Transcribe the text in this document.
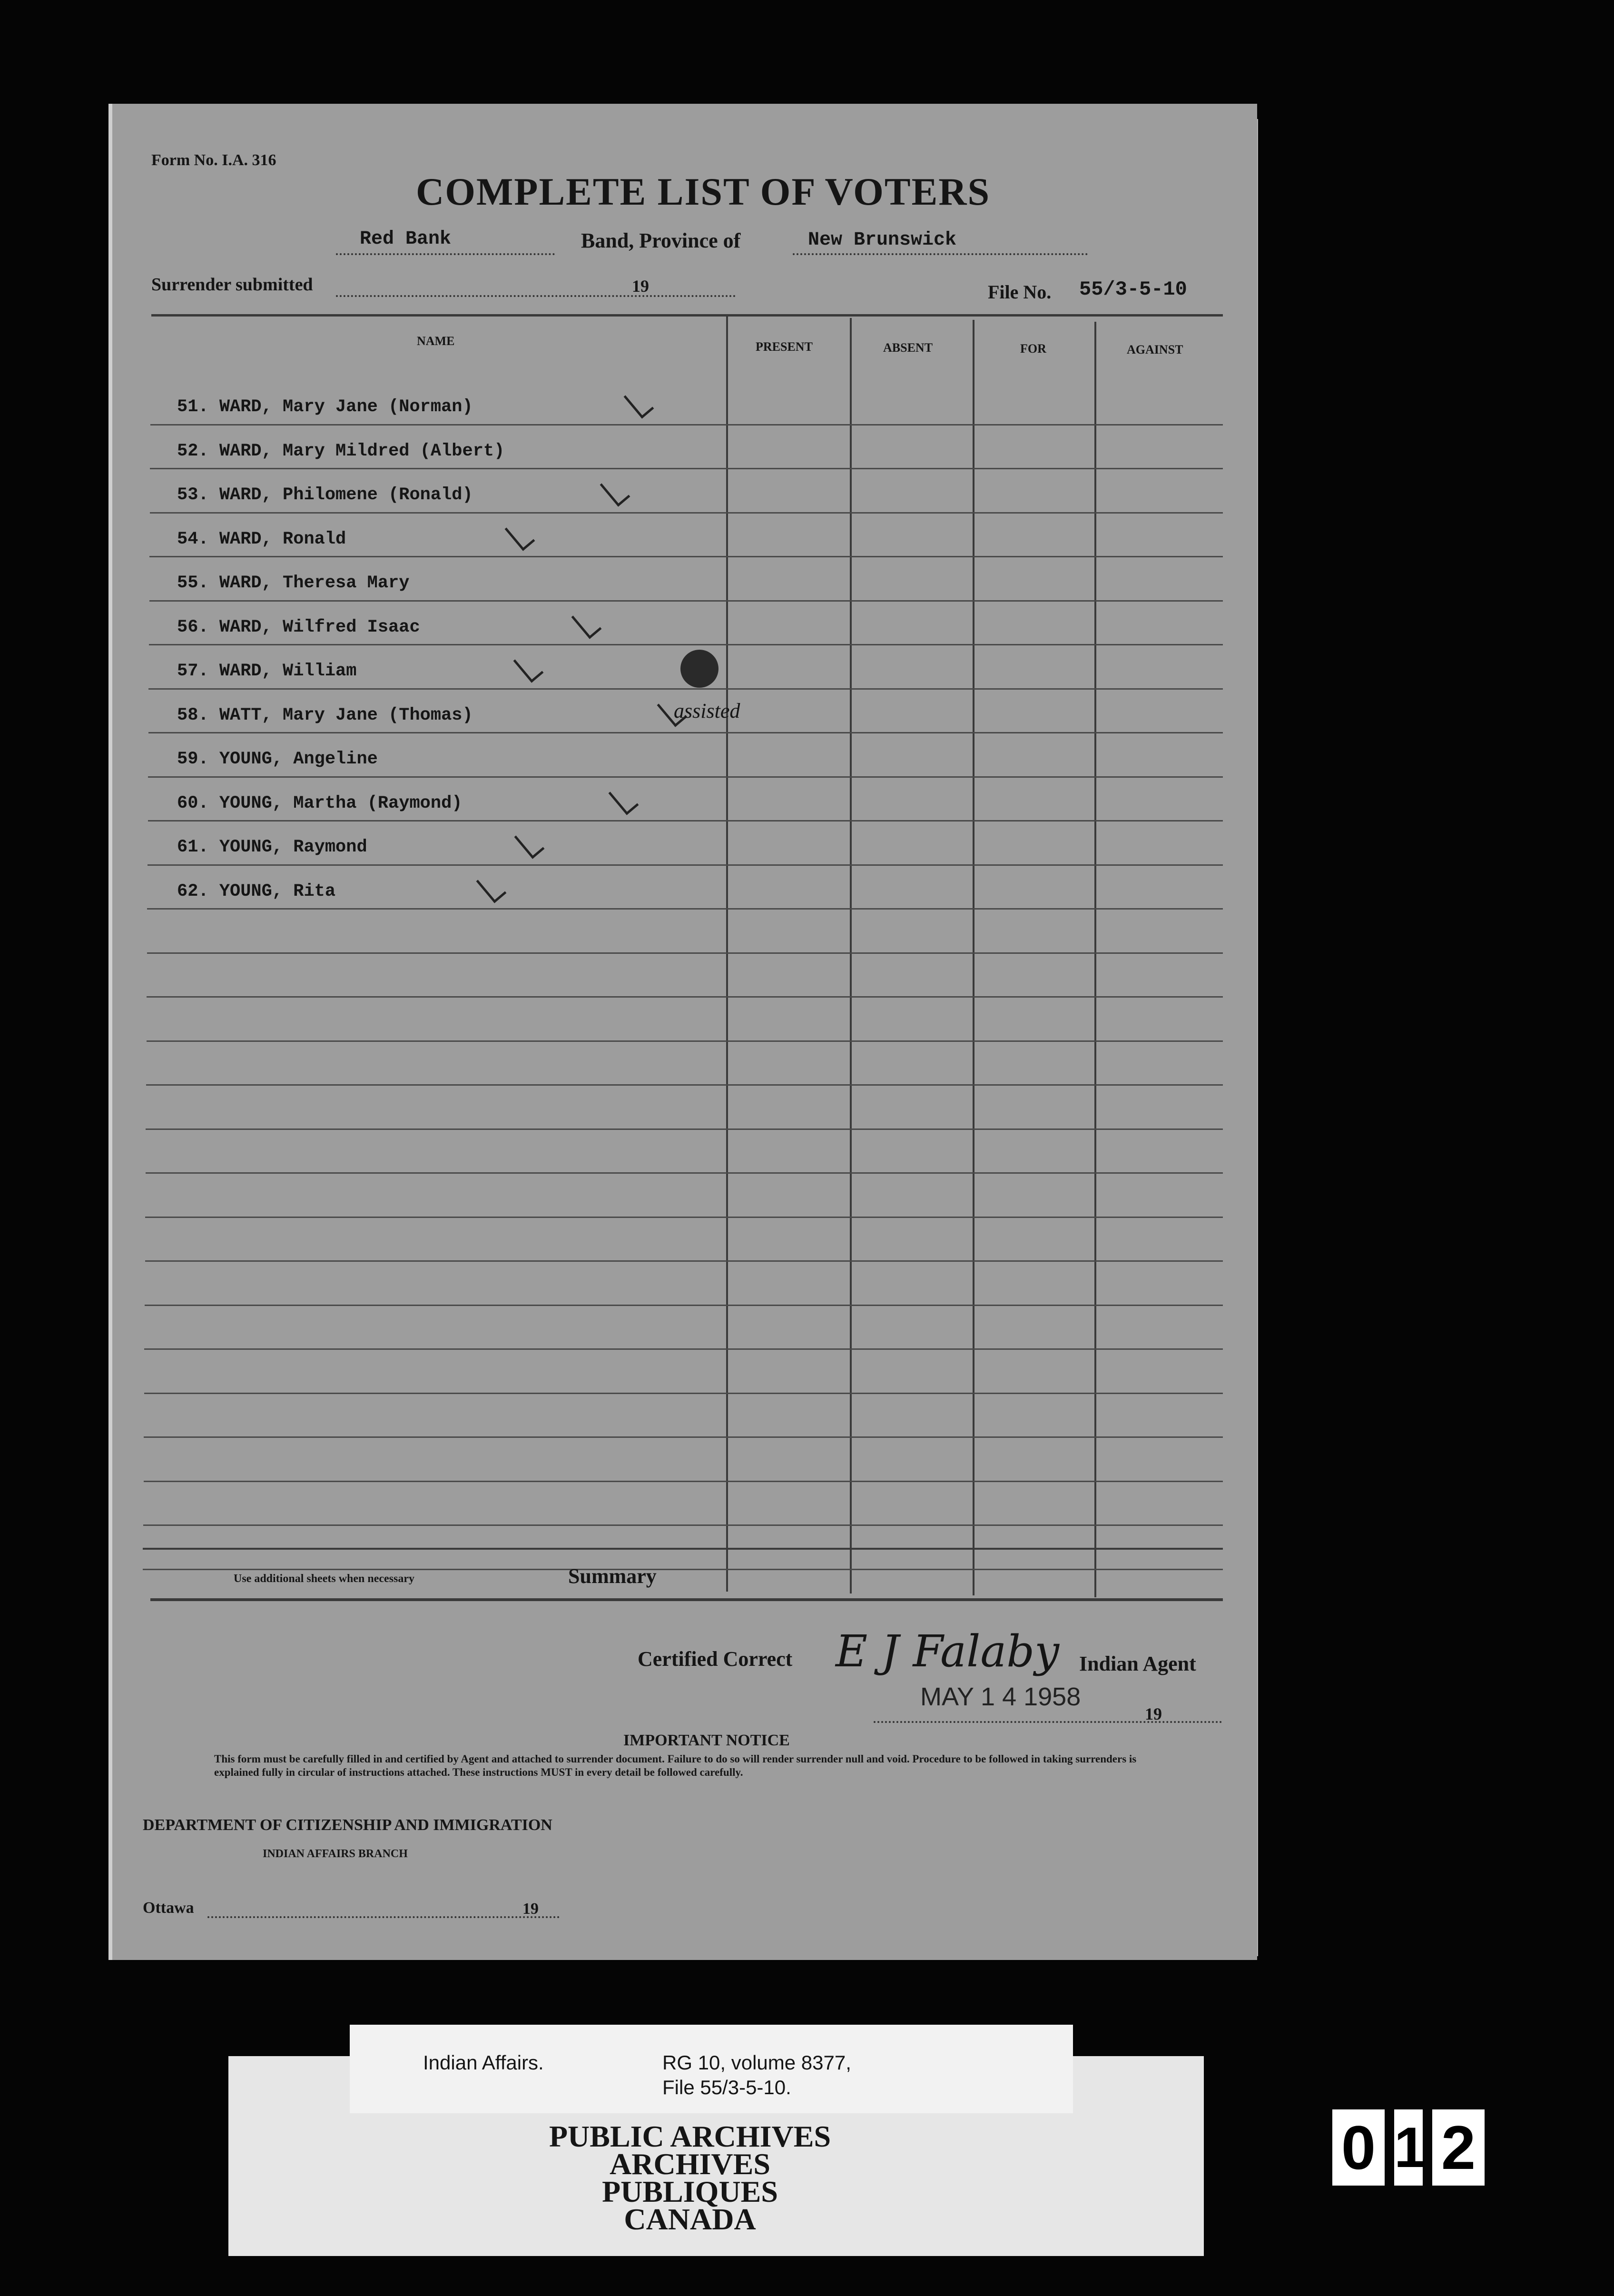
Form No. I.A. 316
COMPLETE LIST OF VOTERS
Red Bank	Band, Province of	New Brunswick
Surrender submitted	19	File No. 55/3-5-10
NAME	PRESENT	ABSENT	FOR	AGAINST
51. WARD, Mary Jane (Norman)
52. WARD, Mary Mildred (Albert)
53. WARD, Philomene (Ronald)
54. WARD, Ronald
55. WARD, Theresa Mary
56. WARD, Wilfred Isaac
57. WARD, William
58. WATT, Mary Jane (Thomas)	assisted
59. YOUNG, Angeline
60. YOUNG, Martha (Raymond)
61. YOUNG, Raymond
62. YOUNG, Rita
Use additional sheets when necessary	Summary
Certified Correct E J Falaby Indian Agent
MAY 1 4 1958
19
IMPORTANT NOTICE
This form must be carefully filled in and certified by Agent and attached to surrender document. Failure to do so will render surrender null and void. Procedure to be followed in taking surrenders is explained fully in circular of instructions attached. These instructions MUST in every detail be followed carefully.
DEPARTMENT OF CITIZENSHIP AND IMMIGRATION
INDIAN AFFAIRS BRANCH
Ottawa	19
Indian Affairs.	RG 10, volume 8377,
File 55/3-5-10.
PUBLIC ARCHIVES
ARCHIVES PUBLIQUES
CANADA
0 1 2
